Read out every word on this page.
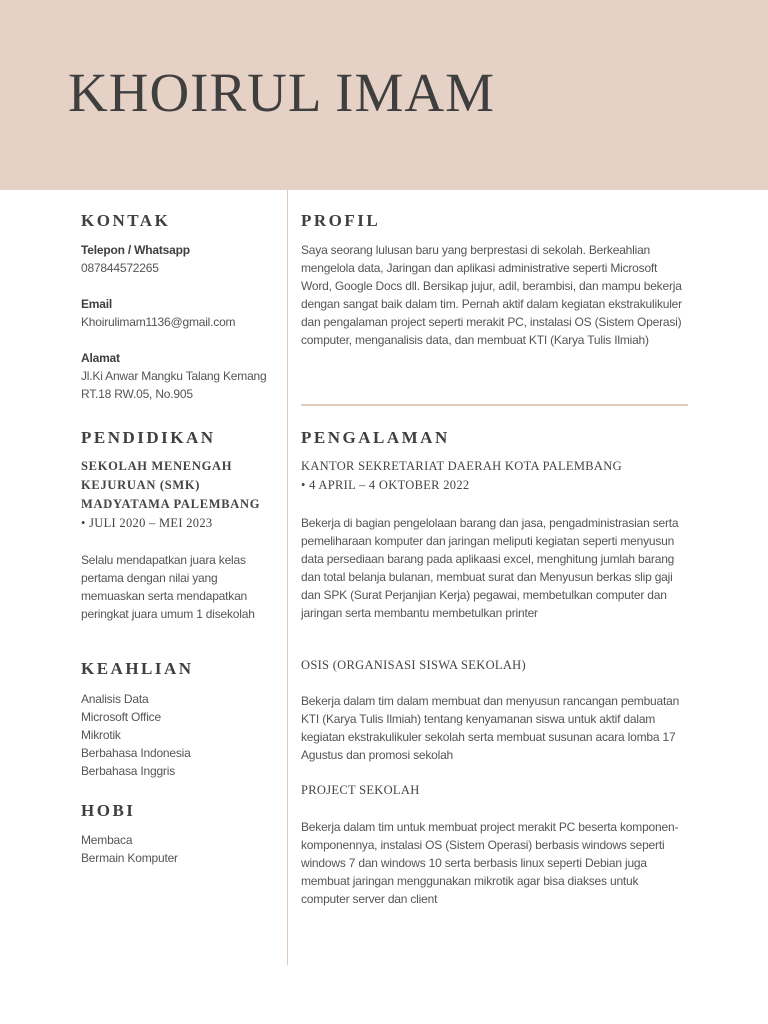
KHOIRUL IMAM
KONTAK
Telepon / Whatsapp
087844572265
Email
Khoirulimam1136@gmail.com
Alamat
Jl.Ki Anwar Mangku Talang Kemang
RT.18 RW.05, No.905
PENDIDIKAN
SEKOLAH MENENGAH
KEJURUAN (SMK)
MADYATAMA PALEMBANG
• JULI 2020 – MEI 2023

Selalu mendapatkan juara kelas pertama dengan nilai yang memuaskan serta mendapatkan peringkat juara umum 1 disekolah

KEAHLIAN
Analisis Data
Microsoft Office
Mikrotik
Berbahasa Indonesia
Berbahasa Inggris
HOBI
Membaca
Bermain Komputer
PROFIL

Saya seorang lulusan baru yang berprestasi di sekolah. Berkeahlian mengelola data, Jaringan dan aplikasi administrative seperti Microsoft Word, Google Docs dll. Bersikap jujur, adil, berambisi, dan mampu bekerja dengan sangat baik dalam tim. Pernah aktif dalam kegiatan ekstrakulikuler dan pengalaman project seperti merakit PC, instalasi OS (Sistem Operasi) computer, menganalisis data, dan membuat KTI (Karya Tulis Ilmiah)

PENGALAMAN
KANTOR SEKRETARIAT DAERAH KOTA PALEMBANG
• 4 APRIL – 4 OKTOBER 2022

Bekerja di bagian pengelolaan barang dan jasa, pengadministrasian serta pemeliharaan komputer dan jaringan meliputi kegiatan seperti menyusun data persediaan barang pada aplikaasi excel, menghitung jumlah barang dan total belanja bulanan, membuat surat dan Menyusun berkas slip gaji dan SPK (Surat Perjanjian Kerja) pegawai, membetulkan computer dan jaringan serta membantu membetulkan printer

OSIS (ORGANISASI SISWA SEKOLAH)

Bekerja dalam tim dalam membuat dan menyusun rancangan pembuatan KTI (Karya Tulis Ilmiah) tentang kenyamanan siswa untuk aktif dalam kegiatan ekstrakulikuler sekolah serta membuat susunan acara lomba 17 Agustus dan promosi sekolah

PROJECT SEKOLAH

Bekerja dalam tim untuk membuat project merakit PC beserta komponen-komponennya, instalasi OS (Sistem Operasi) berbasis windows seperti windows 7 dan windows 10 serta berbasis linux seperti Debian juga membuat jaringan menggunakan mikrotik agar bisa diakses untuk computer server dan client
